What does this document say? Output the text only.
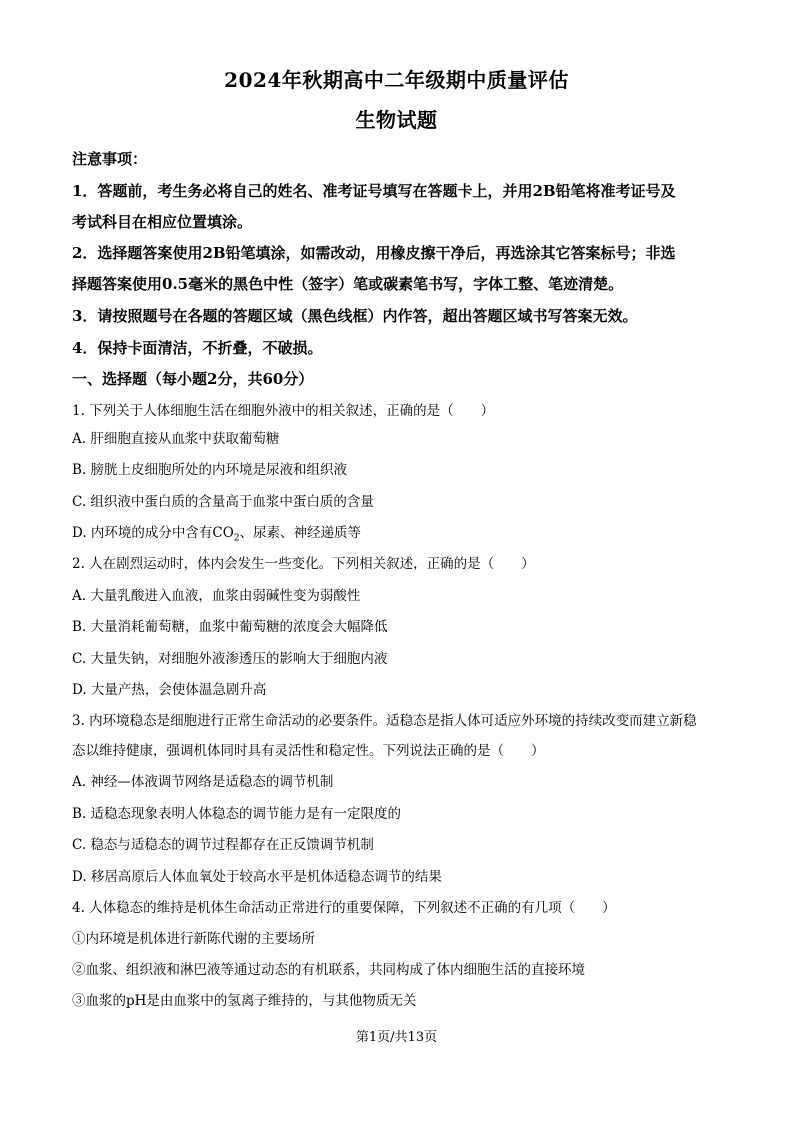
2024年秋期高中二年级期中质量评估
生物试题
注意事项：
1．答题前，考生务必将自己的姓名、准考证号填写在答题卡上，并用2B铅笔将准考证号及
考试科目在相应位置填涂。
2．选择题答案使用2B铅笔填涂，如需改动，用橡皮擦干净后，再选涂其它答案标号；非选
择题答案使用0.5毫米的黑色中性（签字）笔或碳素笔书写，字体工整、笔迹清楚。
3．请按照题号在各题的答题区域（黑色线框）内作答，超出答题区域书写答案无效。
4．保持卡面清洁，不折叠，不破损。
一、选择题（每小题2分，共60分）
1. 下列关于人体细胞生活在细胞外液中的相关叙述，正确的是（　　）
A. 肝细胞直接从血浆中获取葡萄糖
B. 膀胱上皮细胞所处的内环境是尿液和组织液
C. 组织液中蛋白质的含量高于血浆中蛋白质的含量
D. 内环境的成分中含有$CO_2$、尿素、神经递质等
2. 人在剧烈运动时，体内会发生一些变化。下列相关叙述，正确的是（　　）
A. 大量乳酸进入血液，血浆由弱碱性变为弱酸性
B. 大量消耗葡萄糖，血浆中葡萄糖的浓度会大幅降低
C. 大量失钠，对细胞外液渗透压的影响大于细胞内液
D. 大量产热，会使体温急剧升高
3. 内环境稳态是细胞进行正常生命活动的必要条件。适稳态是指人体可适应外环境的持续改变而建立新稳
态以维持健康，强调机体同时具有灵活性和稳定性。下列说法正确的是（　　）
A. 神经—体液调节网络是适稳态的调节机制
B. 适稳态现象表明人体稳态的调节能力是有一定限度的
C. 稳态与适稳态的调节过程都存在正反馈调节机制
D. 移居高原后人体血氧处于较高水平是机体适稳态调节的结果
4. 人体稳态的维持是机体生命活动正常进行的重要保障，下列叙述不正确的有几项（　　）
①内环境是机体进行新陈代谢的主要场所
②血浆、组织液和淋巴液等通过动态的有机联系，共同构成了体内细胞生活的直接环境
③血浆的pH是由血浆中的氢离子维持的，与其他物质无关
第1页/共13页
